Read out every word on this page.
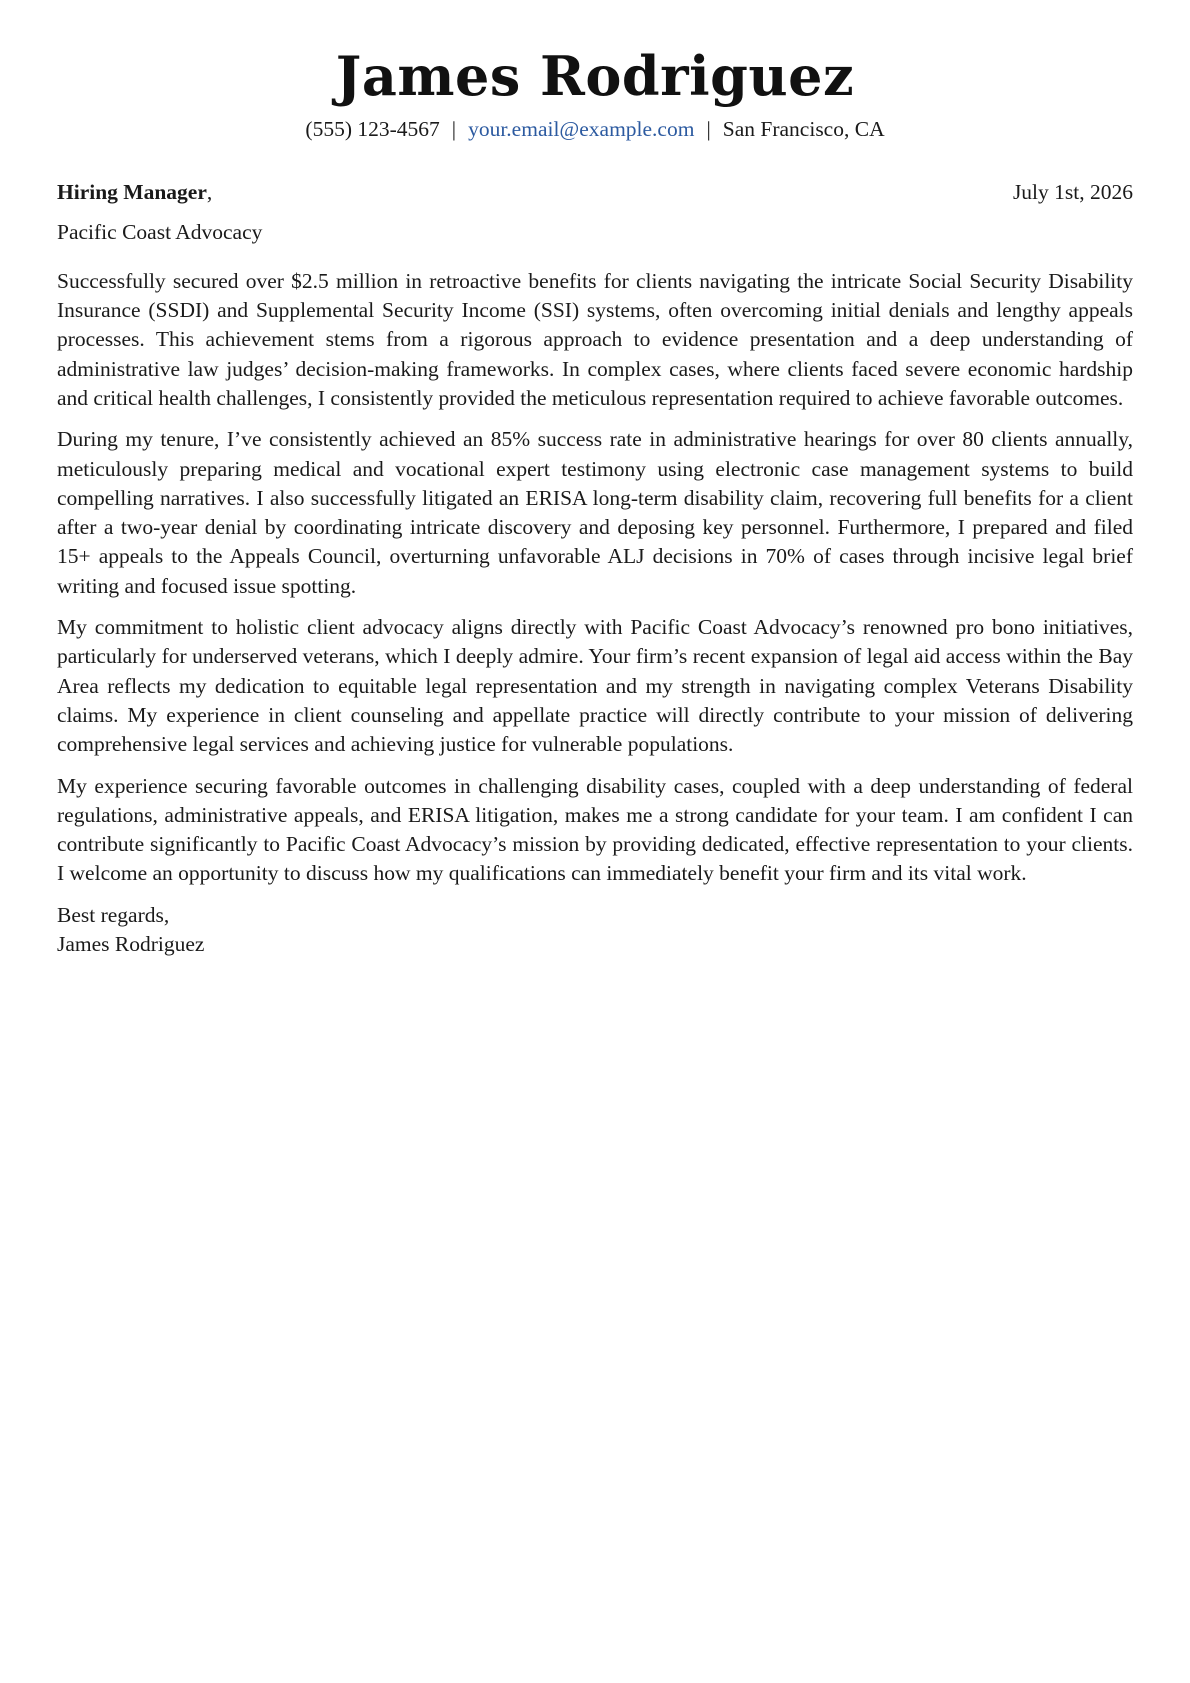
James Rodriguez
(555) 123-4567 | your.email@example.com | San Francisco, CA
Hiring Manager,	July 1st, 2026
Pacific Coast Advocacy

Successfully secured over $2.5 million in retroactive benefits for clients navigating the intricate Social Security Disability Insurance (SSDI) and Supplemental Security Income (SSI) systems, often overcoming initial denials and lengthy appeals processes. This achievement stems from a rigorous approach to evidence presentation and a deep understanding of administrative law judges’ decision-making frameworks. In complex cases, where clients faced severe economic hardship and critical health challenges, I consistently provided the meticulous representation required to achieve favorable outcomes.

During my tenure, I’ve consistently achieved an 85% success rate in administrative hearings for over 80 clients annually, meticulously preparing medical and vocational expert testimony using electronic case management systems to build compelling narratives. I also successfully litigated an ERISA long-term disability claim, recovering full benefits for a client after a two-year denial by coordinating intricate discovery and deposing key personnel. Furthermore, I prepared and filed 15+ appeals to the Appeals Council, overturning unfavorable ALJ decisions in 70% of cases through incisive legal brief writing and focused issue spotting.

My commitment to holistic client advocacy aligns directly with Pacific Coast Advocacy’s renowned pro bono initiatives, particularly for underserved veterans, which I deeply admire. Your firm’s recent expansion of legal aid access within the Bay Area reflects my dedication to equitable legal representation and my strength in navigating complex Veterans Disability claims. My experience in client counseling and appellate practice will directly contribute to your mission of delivering comprehensive legal services and achieving justice for vulnerable populations.

My experience securing favorable outcomes in challenging disability cases, coupled with a deep understanding of federal regulations, administrative appeals, and ERISA litigation, makes me a strong candidate for your team. I am confident I can contribute significantly to Pacific Coast Advocacy’s mission by providing dedicated, effective representation to your clients. I welcome an opportunity to discuss how my qualifications can immediately benefit your firm and its vital work.

Best regards,
James Rodriguez
